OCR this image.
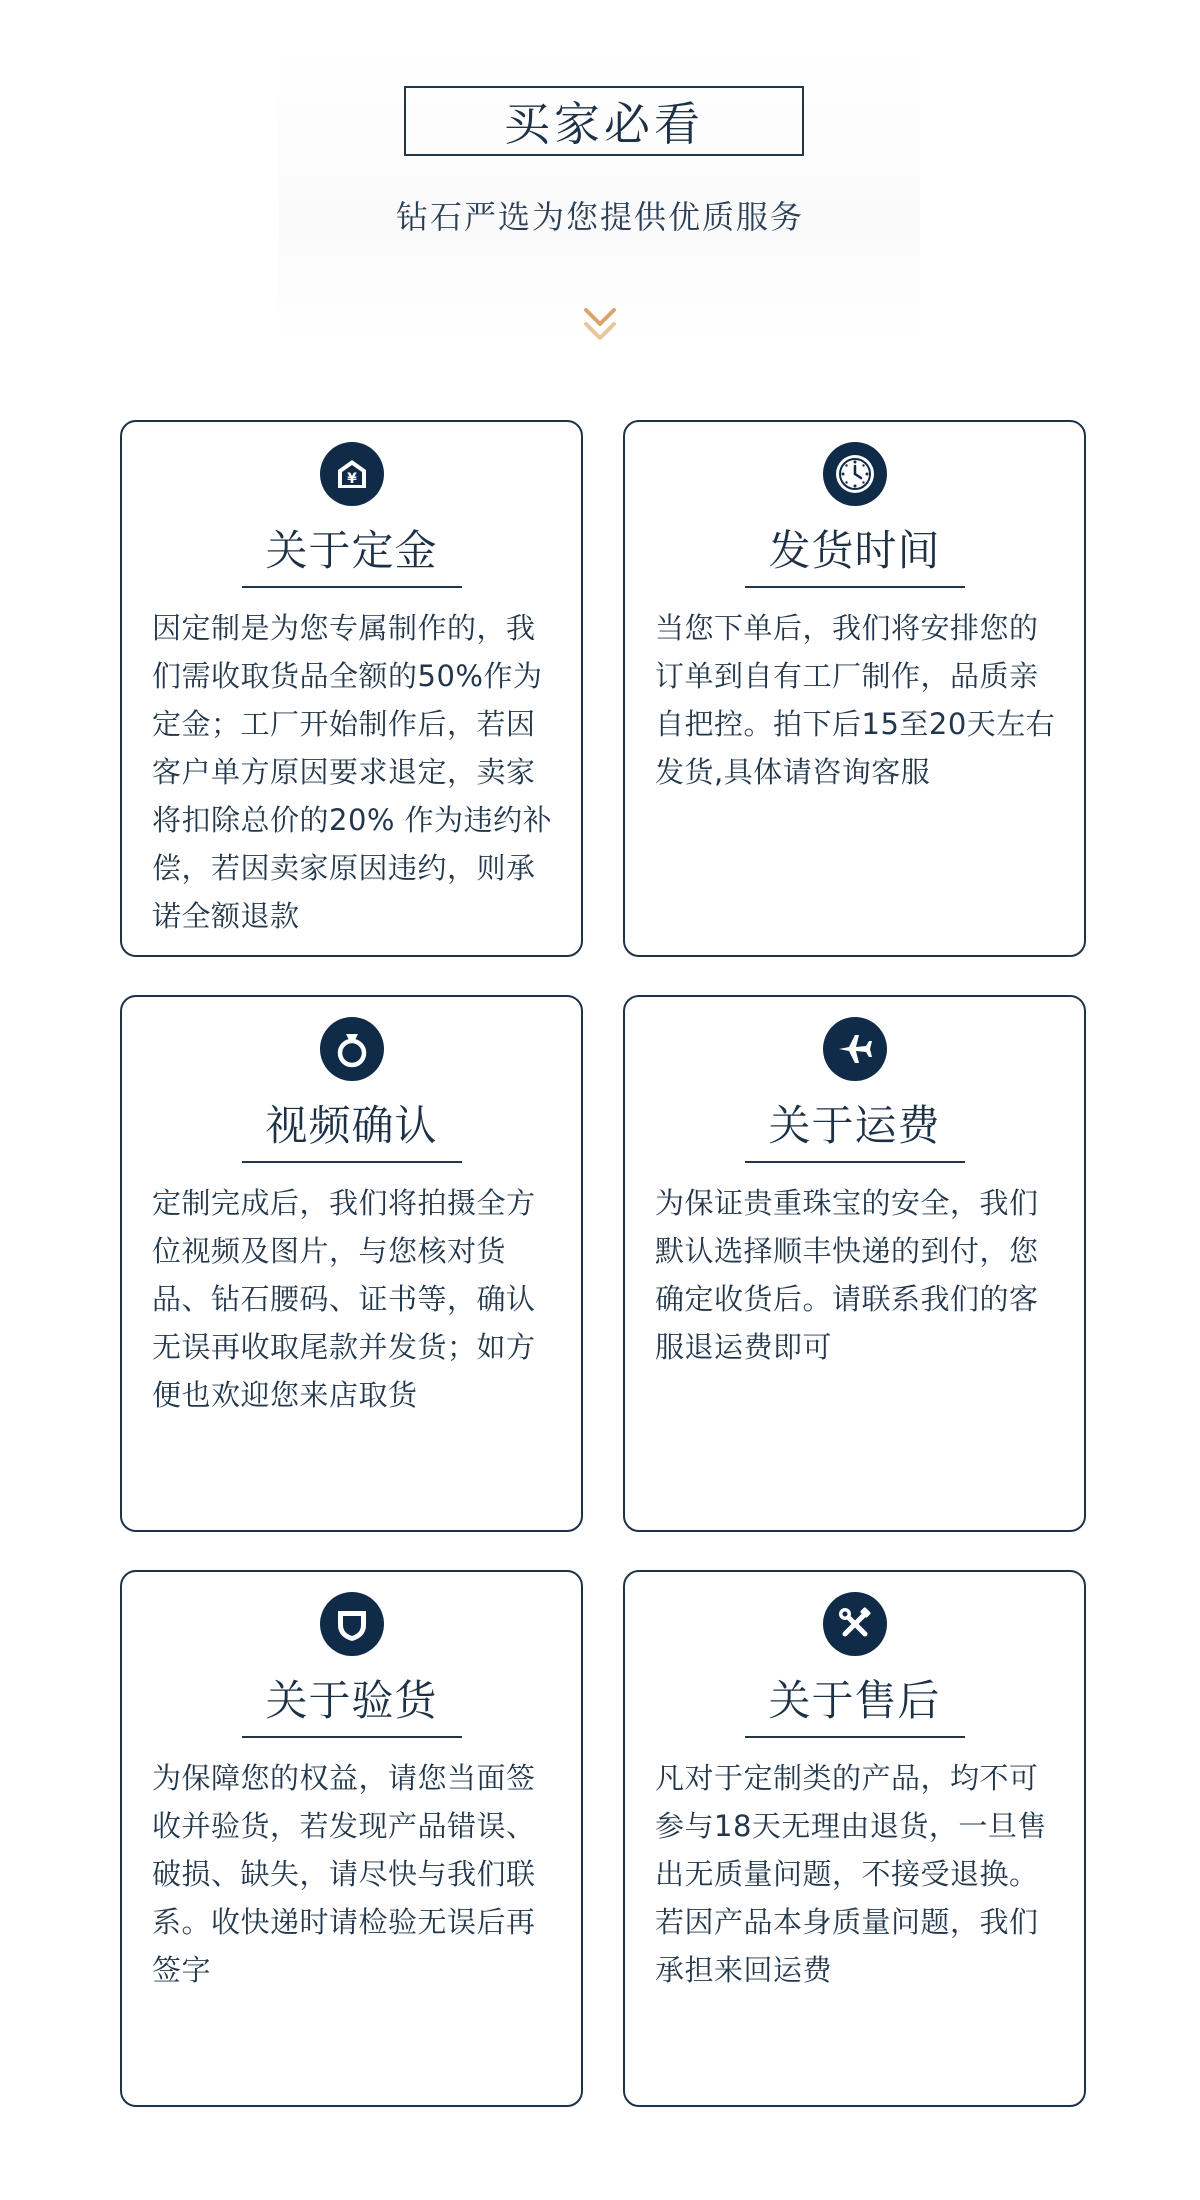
买家必看
钻石严选为您提供优质服务
¥
关于定金
因定制是为您专属制作的，我们需收取货品全额的50%作为定金；工厂开始制作后，若因客户单方原因要求退定，卖家将扣除总价的20% 作为违约补偿，若因卖家原因违约，则承诺全额退款
发货时间
当您下单后，我们将安排您的订单到自有工厂制作，品质亲自把控。拍下后15至20天左右发货,具体请咨询客服
视频确认
定制完成后，我们将拍摄全方位视频及图片，与您核对货品、钻石腰码、证书等，确认无误再收取尾款并发货；如方便也欢迎您来店取货
关于运费
为保证贵重珠宝的安全，我们默认选择顺丰快递的到付，您确定收货后。请联系我们的客服退运费即可
关于验货
为保障您的权益，请您当面签收并验货，若发现产品错误、破损、缺失，请尽快与我们联系。收快递时请检验无误后再签字
关于售后
凡对于定制类的产品，均不可参与18天无理由退货，一旦售出无质量问题，不接受退换。若因产品本身质量问题，我们承担来回运费
